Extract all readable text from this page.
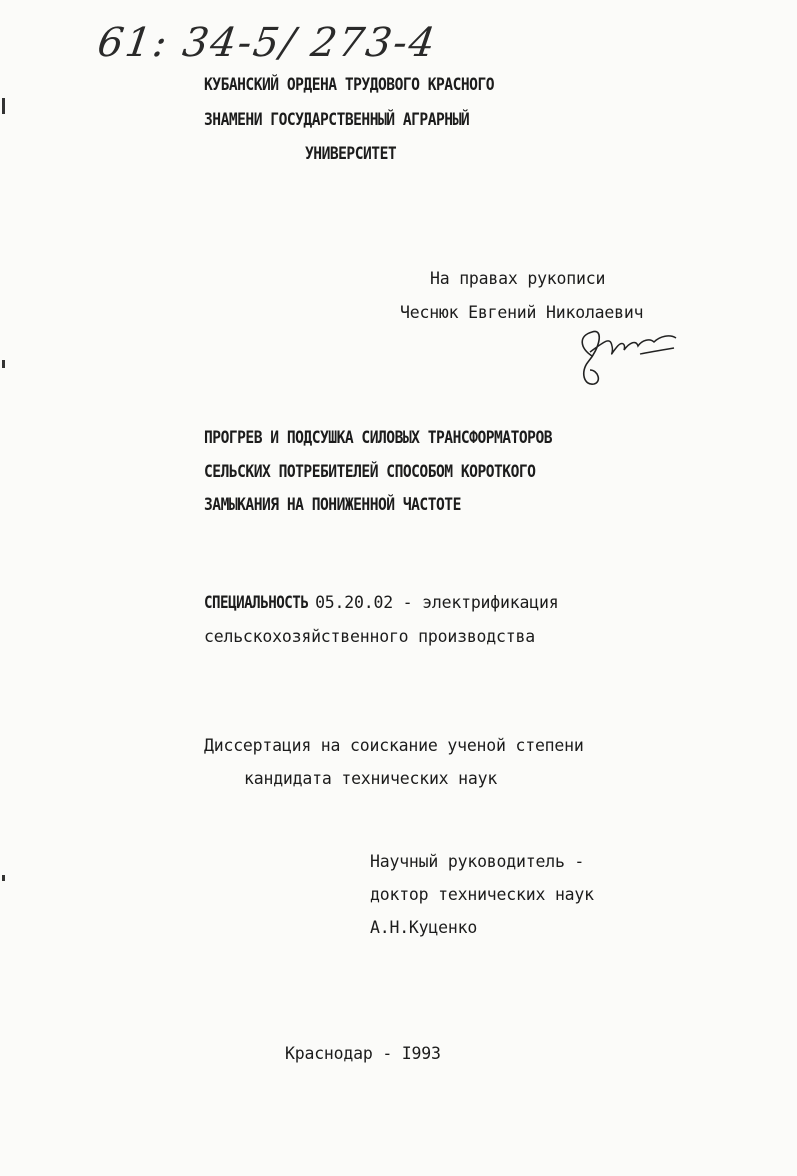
61: 34-5/ 273-4
КУБАНСКИЙ ОРДЕНА ТРУДОВОГО КРАСНОГО
ЗНАМЕНИ ГОСУДАРСТВЕННЫЙ АГРАРНЫЙ
УНИВЕРСИТЕТ
На правах рукописи
Чеснюк Евгений Николаевич
ПРОГРЕВ И ПОДСУШКА СИЛОВЫХ ТРАНСФОРМАТОРОВ
СЕЛЬСКИХ ПОТРЕБИТЕЛЕЙ СПОСОБОМ КОРОТКОГО
ЗАМЫКАНИЯ НА ПОНИЖЕННОЙ ЧАСТОТЕ
СПЕЦИАЛЬНОСТЬ 05.20.02 - электрификация
сельскохозяйственного производства
Диссертация на соискание ученой степени
кандидата технических наук
Научный руководитель -
доктор технических наук
А.Н.Куценко
Краснодар - I993
